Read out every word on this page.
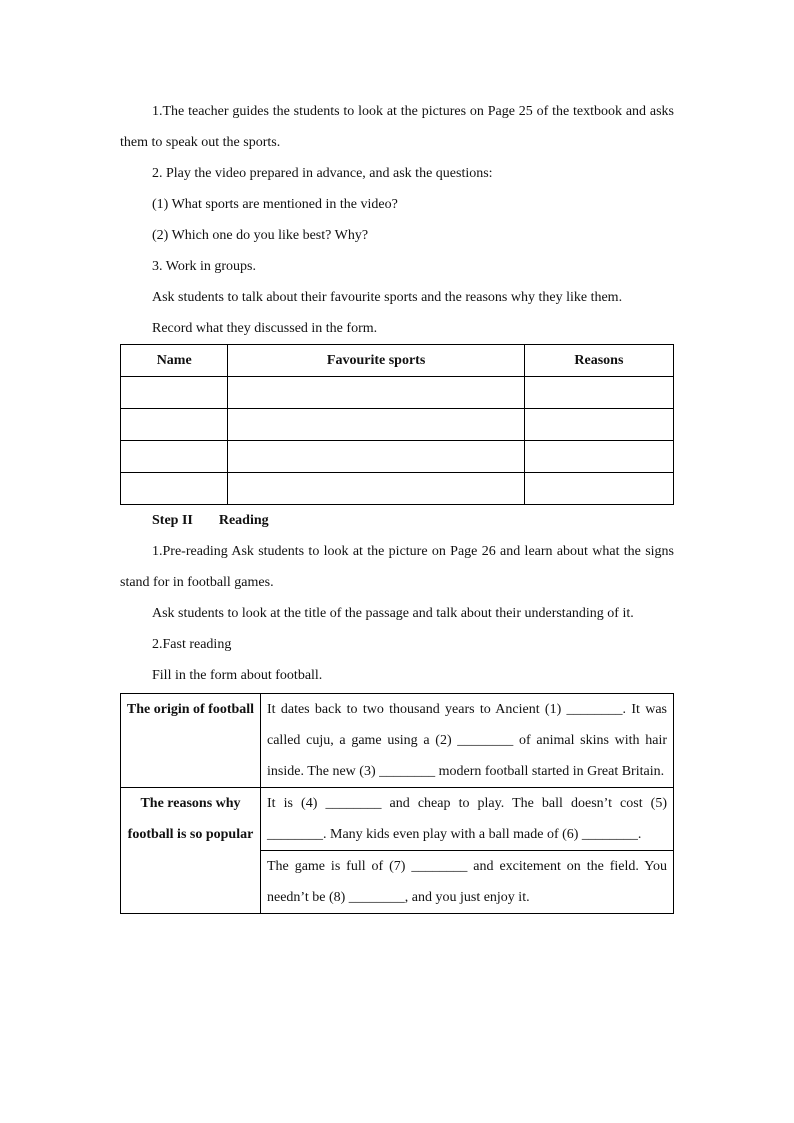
1.The teacher guides the students to look at the pictures on Page 25 of the textbook and asks them to speak out the sports.

2. Play the video prepared in advance, and ask the questions:

(1) What sports are mentioned in the video?

(2) Which one do you like best? Why?

3. Work in groups.

Ask students to talk about their favourite sports and the reasons why they like them.

Record what they discussed in the form.

Name	Favourite sports	Reasons

Step II Reading

1.Pre-reading Ask students to look at the picture on Page 26 and learn about what the signs stand for in football games.

Ask students to look at the title of the passage and talk about their understanding of it.

2.Fast reading

Fill in the form about football.

The origin of football	It dates back to two thousand years to Ancient (1) ________. It was called cuju, a game using a (2) ________ of animal skins with hair inside. The new (3) ________ modern football started in Great Britain.
The reasons why football is so popular	It is (4) ________ and cheap to play. The ball doesn’t cost (5) ________. Many kids even play with a ball made of (6) ________.
	The game is full of (7) ________ and excitement on the field. You needn’t be (8) ________, and you just enjoy it.
